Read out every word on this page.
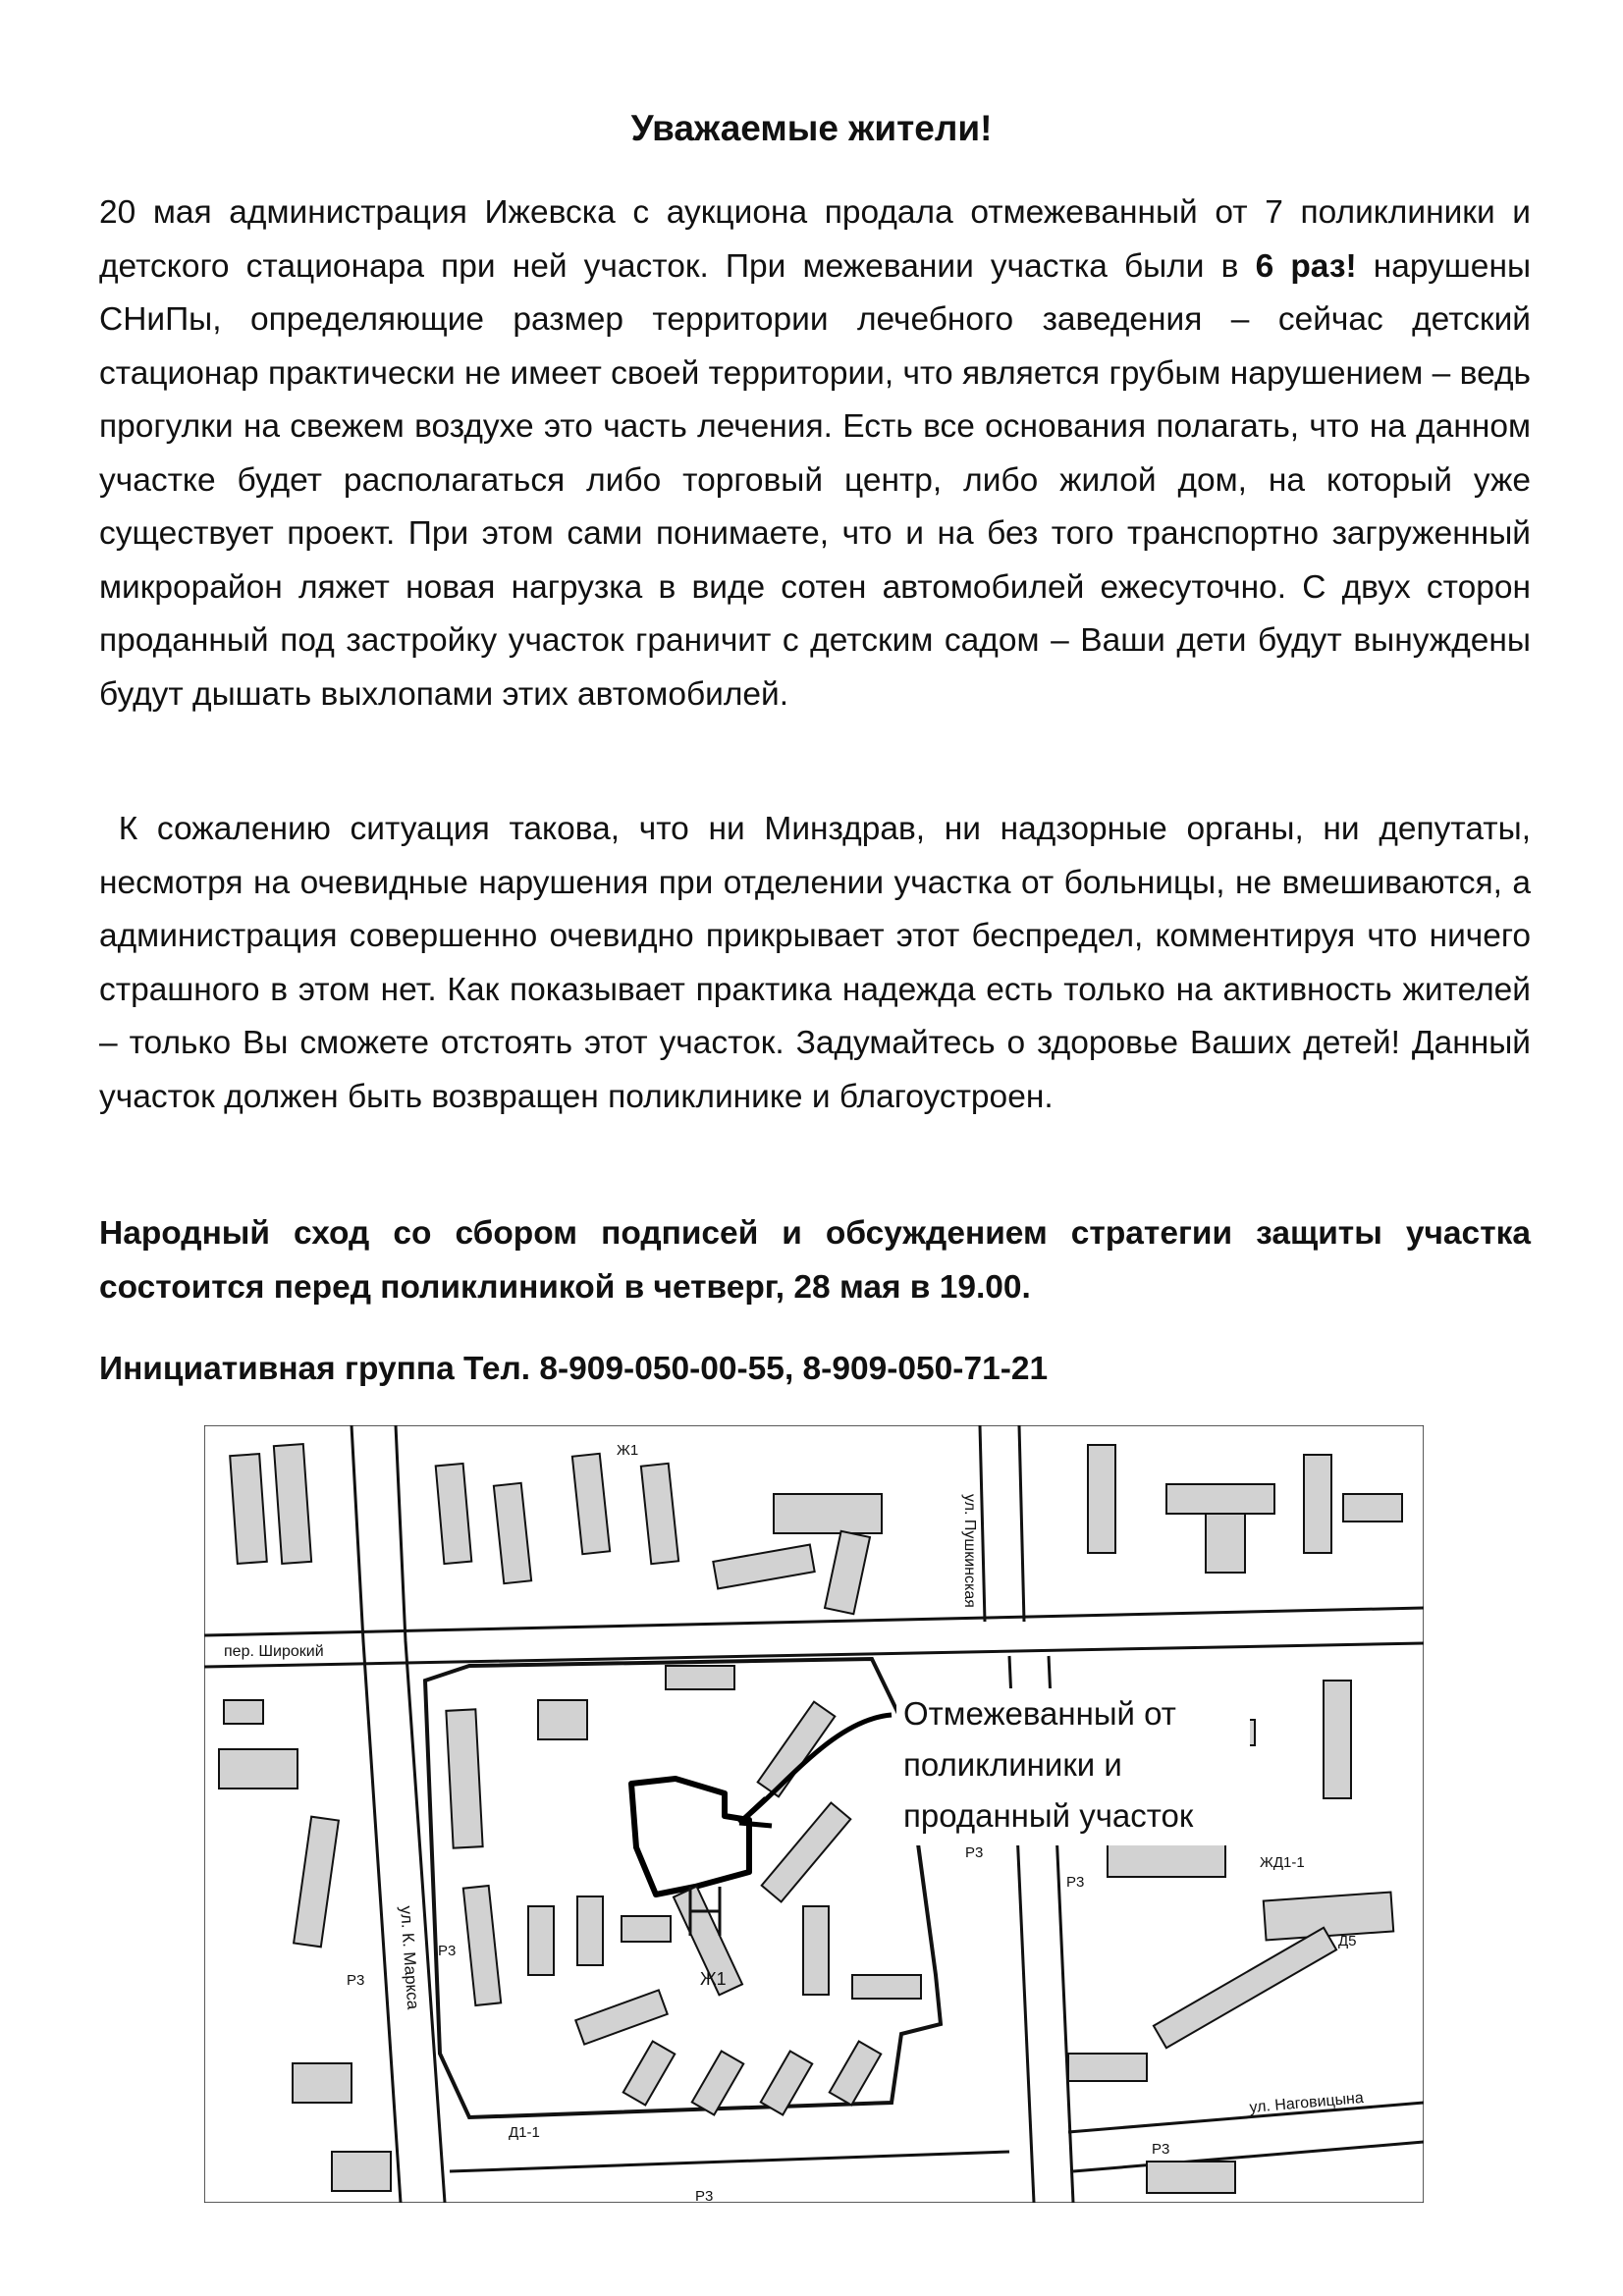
Уважаемые жители!

20 мая администрация Ижевска с аукциона продала отмежеванный от 7 поликлиники и детского стационара при ней участок. При межевании участка были в 6 раз! нарушены СНиПы, определяющие размер территории лечебного заведения – сейчас детский стационар практически не имеет своей территории, что является грубым нарушением – ведь прогулки на свежем воздухе это часть лечения. Есть все основания полагать, что на данном участке будет располагаться либо торговый центр, либо жилой дом, на который уже существует проект. При этом сами понимаете, что и на без того транспортно загруженный микрорайон ляжет новая нагрузка в виде сотен автомобилей ежесуточно. С двух сторон проданный под застройку участок граничит с детским садом – Ваши дети будут вынуждены будут дышать выхлопами этих автомобилей.

К сожалению ситуация такова, что ни Минздрав, ни надзорные органы, ни депутаты, несмотря на очевидные нарушения при отделении участка от больницы, не вмешиваются, а администрация совершенно очевидно прикрывает этот беспредел, комментируя что ничего страшного в этом нет. Как показывает практика надежда есть только на активность жителей – только Вы сможете отстоять этот участок. Задумайтесь о здоровье Ваших детей! Данный участок должен быть возвращен поликлинике и благоустроен.

Народный сход со сбором подписей и обсуждением стратегии защиты участка состоится перед поликлиникой в четверг, 28 мая в 19.00.

Инициативная группа Тел. 8-909-050-00-55, 8-909-050-71-21

Отмежеванный от
поликлиники и
проданный участок
пер. Широкий
ул. Пушкинская
ул. К. Маркса
ул. Наговицына
Ж1
Ж1
Р3
Р3
Р3
Р3
Р3
Р3
ЖД1-1
Д5
Д1-1
